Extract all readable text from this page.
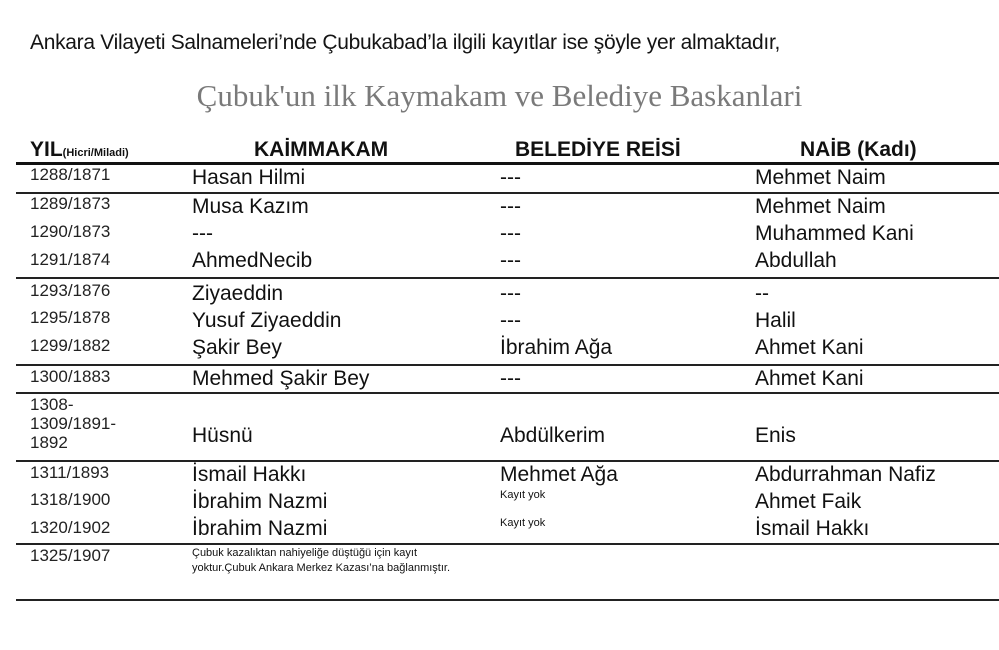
Ankara Vilayeti Salnameleri’nde Çubukabad’la ilgili kayıtlar ise şöyle yer almaktadır,
Çubuk'un ilk Kaymakam ve Belediye Baskanlari
YIL(Hicri/Miladi)	KAİMMAKAM	BELEDİYE REİSİ	NAİB (Kadı)
1288/1871	Hasan Hilmi	---	Mehmet Naim
1289/1873	Musa Kazım	---	Mehmet Naim
1290/1873	---	---	Muhammed Kani
1291/1874	AhmedNecib	---	Abdullah
1293/1876	Ziyaeddin	---	--
1295/1878	Yusuf Ziyaeddin	---	Halil
1299/1882	Şakir Bey	İbrahim Ağa	Ahmet Kani
1300/1883	Mehmed Şakir Bey	---	Ahmet Kani
1308-1309/1891-1892	Hüsnü	Abdülkerim	Enis
1311/1893	İsmail Hakkı	Mehmet Ağa	Abdurrahman Nafiz
1318/1900	İbrahim Nazmi	Kayıt yok	Ahmet Faik
1320/1902	İbrahim Nazmi	Kayıt yok	İsmail Hakkı
1325/1907	Çubuk kazalıktan nahiyeliğe düştüğü için kayıt yoktur.Çubuk Ankara Merkez Kazası’na bağlanmıştır.
